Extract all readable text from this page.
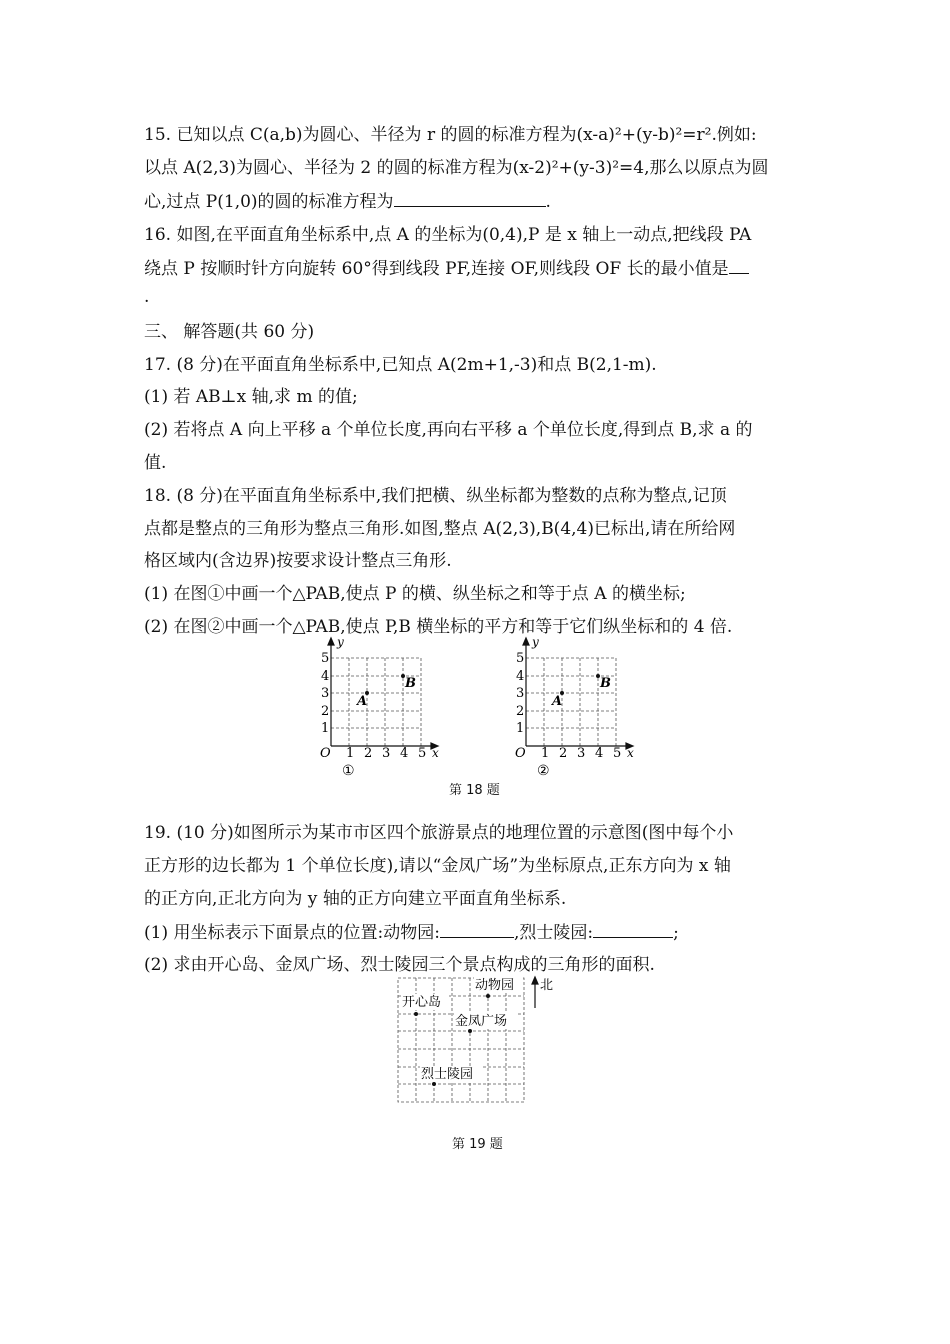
15. 已知以点 C(a,b)为圆心、半径为 r 的圆的标准方程为(x-a)²+(y-b)²=r².例如:
以点 A(2,3)为圆心、半径为 2 的圆的标准方程为(x-2)²+(y-3)²=4,那么以原点为圆
心,过点 P(1,0)的圆的标准方程为	.
16. 如图,在平面直角坐标系中,点 A 的坐标为(0,4),P 是 x 轴上一动点,把线段 PA
绕点 P 按顺时针方向旋转 60°得到线段 PF,连接 OF,则线段 OF 长的最小值是
.
三、 解答题(共 60 分)
17. (8 分)在平面直角坐标系中,已知点 A(2m+1,-3)和点 B(2,1-m).
(1) 若 AB⊥x 轴,求 m 的值;
(2) 若将点 A 向上平移 a 个单位长度,再向右平移 a 个单位长度,得到点 B,求 a 的
值.
18. (8 分)在平面直角坐标系中,我们把横、纵坐标都为整数的点称为整点,记顶
点都是整点的三角形为整点三角形.如图,整点 A(2,3),B(4,4)已标出,请在所给网
格区域内(含边界)按要求设计整点三角形.
(1) 在图①中画一个△PAB,使点 P 的横、纵坐标之和等于点 A 的横坐标;
(2) 在图②中画一个△PAB,使点 P,B 横坐标的平方和等于它们纵坐标和的 4 倍.
y
x
O 1 2 3 4 5
1
2
3
4
5
A
B
①
y
x
O 1 2 3 4 5
1
2
3
4
5
A
B
②
第 18 题
19. (10 分)如图所示为某市市区四个旅游景点的地理位置的示意图(图中每个小
正方形的边长都为 1 个单位长度),请以“金凤广场”为坐标原点,正东方向为 x 轴
的正方向,正北方向为 y 轴的正方向建立平面直角坐标系.
(1) 用坐标表示下面景点的位置:动物园:	,烈士陵园:	;
(2) 求由开心岛、金凤广场、烈士陵园三个景点构成的三角形的面积.
动物园
开心岛
金凤广场
烈士陵园
北
第 19 题
